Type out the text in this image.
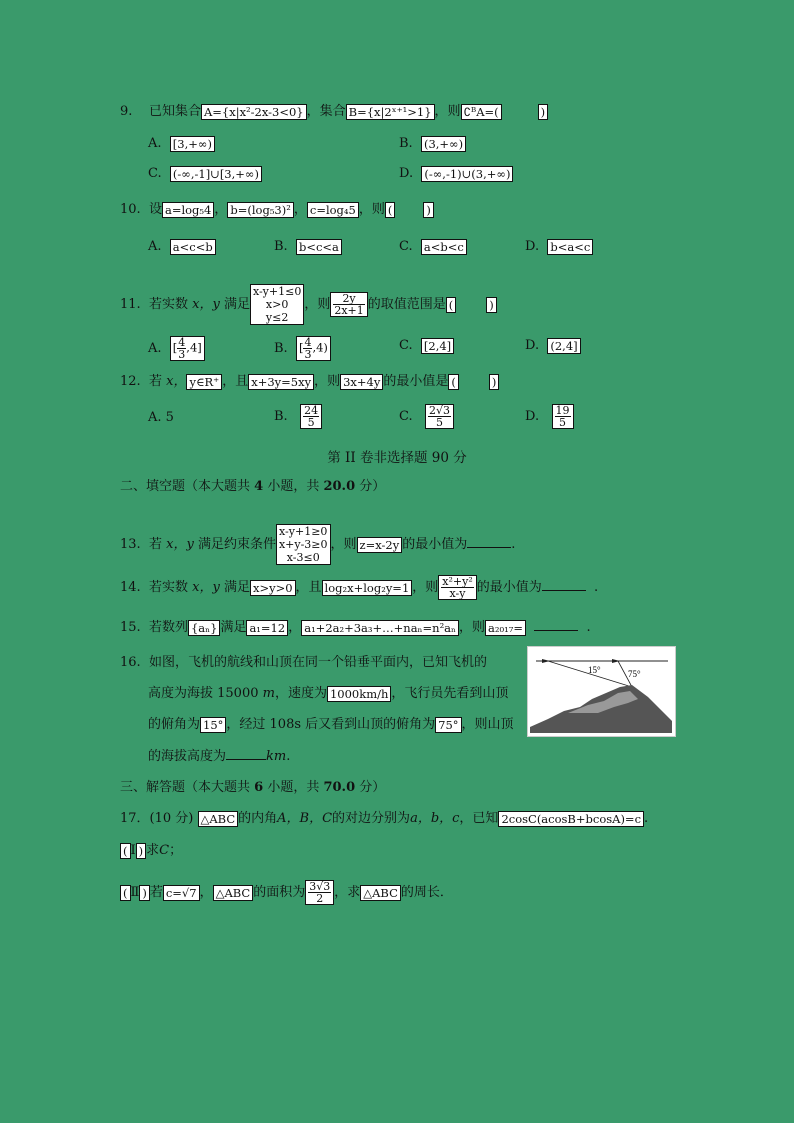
9. 已知集合 A={x|x²-2x-3<0} ，集合 B={x|2ˣ⁺¹>1} ，则 ∁ᴮA=(	)
A. [3,+∞)	B. (3,+∞)
C. (-∞,-1]∪[3,+∞)	D. (-∞,-1)∪(3,+∞)
10. 设 a=log₅4 ， b=(log₅3)² ， c=log₄5 ，则 (	)
A. a<c<b	B. b<c<a	C. a<b<c	D. b<a<c
11. 若实数 x，y 满足
x-y+1≤0
x>0
y≤2
，则 $\frac{2y}{2x+1}$ 的取值范围是 (	)
A. [ $\frac{4}{3} ,4$]	B. [ $\frac{4}{3} ,4$)	C. [2,4]	D. (2,4]
12. 若 x， y∈R⁺ ，且 x+3y=5xy ，则 3x+4y 的最小值是 (	)
A. 5	B. $\frac{24}{5}$	C. $\frac{2√3}{5}$	D. $\frac{19}{5}$
第 II 卷非选择题 90 分
二、填空题（本大题共 4 小题，共 20.0 分）
13. 若 x，y 满足约束条件
x-y+1≥0
x+y-3≥0
x-3≤0
，则 z=x-2y 的最小值为	.
14. 若实数 x，y 满足 x>y>0 ，且 log₂x+log₂y=1 ，则 $\frac{\text{x²+y²}}{x-y}$ 的最小值为	.
15. 若数列 {aₙ} 满足 a₁=12 ， a₁+2a₂+3a₃+…+naₙ=n²aₙ ，则 a₂₀₁₇=	.
16. 如图，飞机的航线和山顶在同一个铅垂平面内，已知飞机的
高度为海拔 15000 m，速度为 1000km/h ，飞行员先看到山顶
的俯角为 15° ，经过 108s 后又看到山顶的俯角为 75° ，则山顶
的海拔高度为	km.
15°	75°
三、解答题（本大题共 6 小题，共 70.0 分）
17．(10 分) △ABC 的内角A，B，C的对边分别为a，b，c，已知 2cosC(acosB+bcosA)=c .
( Ⅰ ) 求C；
( Ⅱ ) 若 c=√7 ， △ABC 的面积为 $\frac{3√3}{2}$ ，求 △ABC 的周长．
